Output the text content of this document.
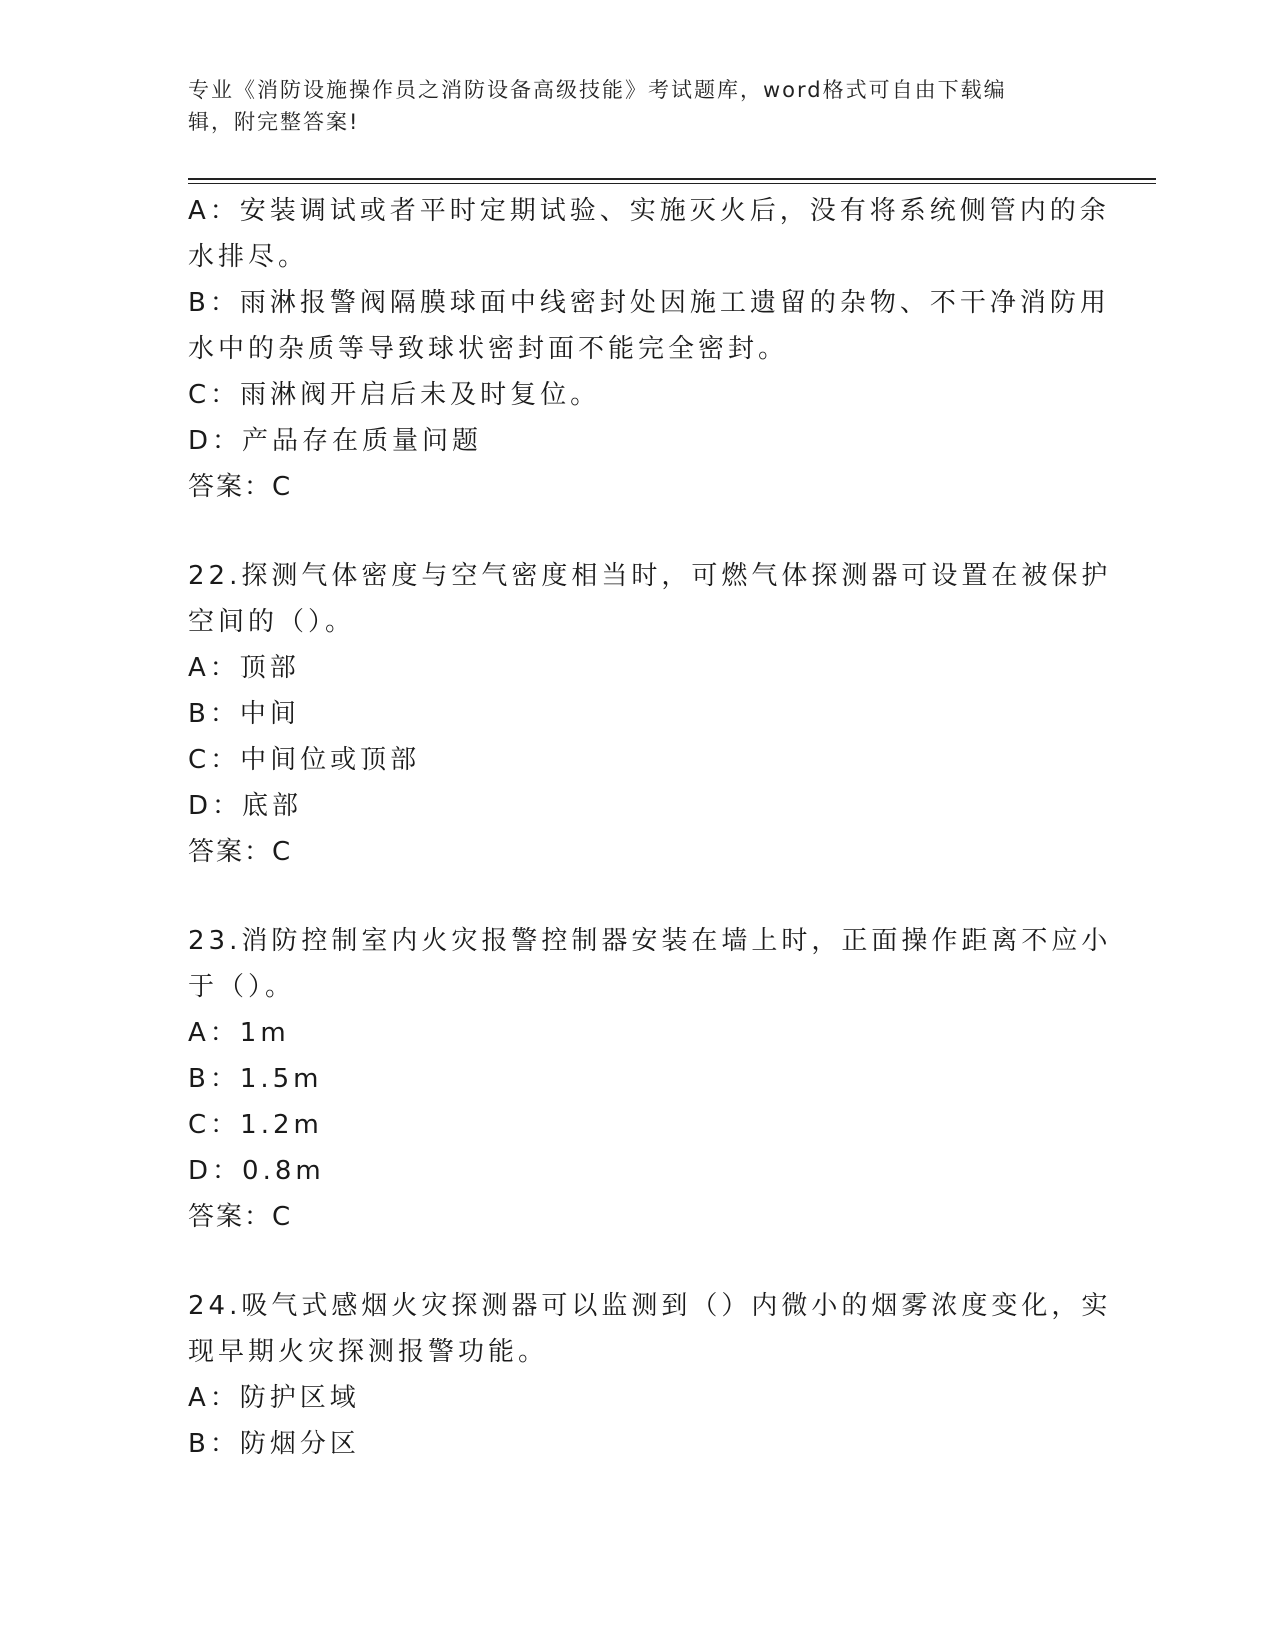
专业《消防设施操作员之消防设备高级技能》考试题库，word格式可自由下载编
辑，附完整答案!
A：安装调试或者平时定期试验、实施灭火后，没有将系统侧管内的余
水排尽。
B：雨淋报警阀隔膜球面中线密封处因施工遗留的杂物、不干净消防用
水中的杂质等导致球状密封面不能完全密封。
C：雨淋阀开启后未及时复位。
D：产品存在质量问题
答案：C
22.探测气体密度与空气密度相当时，可燃气体探测器可设置在被保护
空间的（）。
A：顶部
B：中间
C：中间位或顶部
D：底部
答案：C
23.消防控制室内火灾报警控制器安装在墙上时，正面操作距离不应小
于（）。
A：1m
B：1.5m
C：1.2m
D：0.8m
答案：C
24.吸气式感烟火灾探测器可以监测到（）内微小的烟雾浓度变化，实
现早期火灾探测报警功能。
A：防护区域
B：防烟分区
